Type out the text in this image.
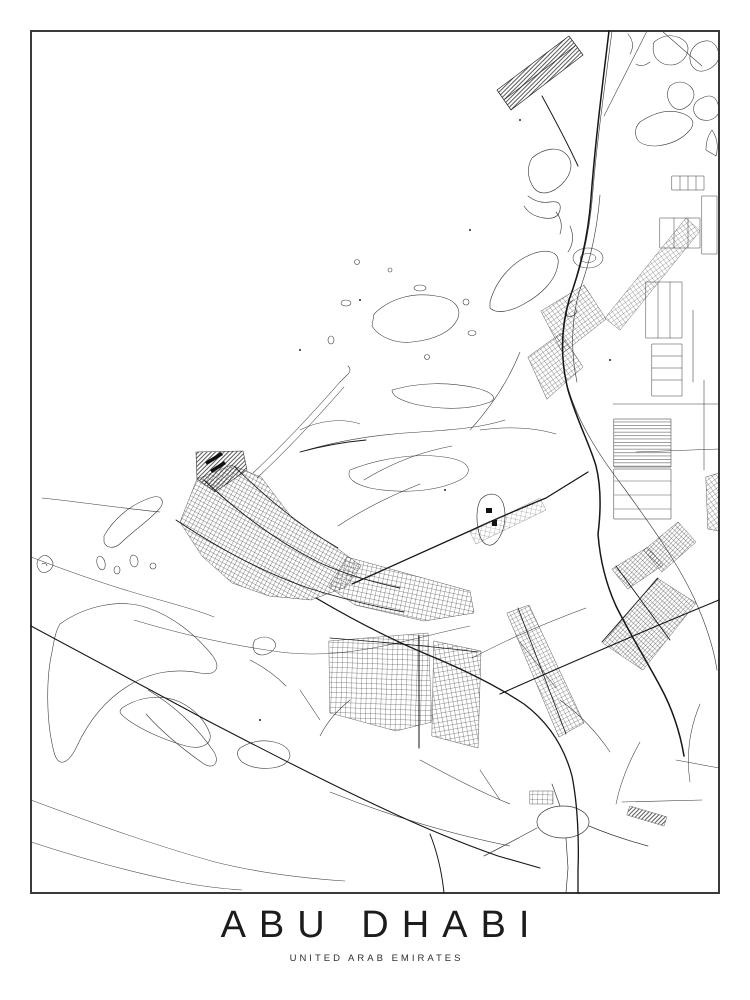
ABU DHABI
UNITED ARAB EMIRATES
